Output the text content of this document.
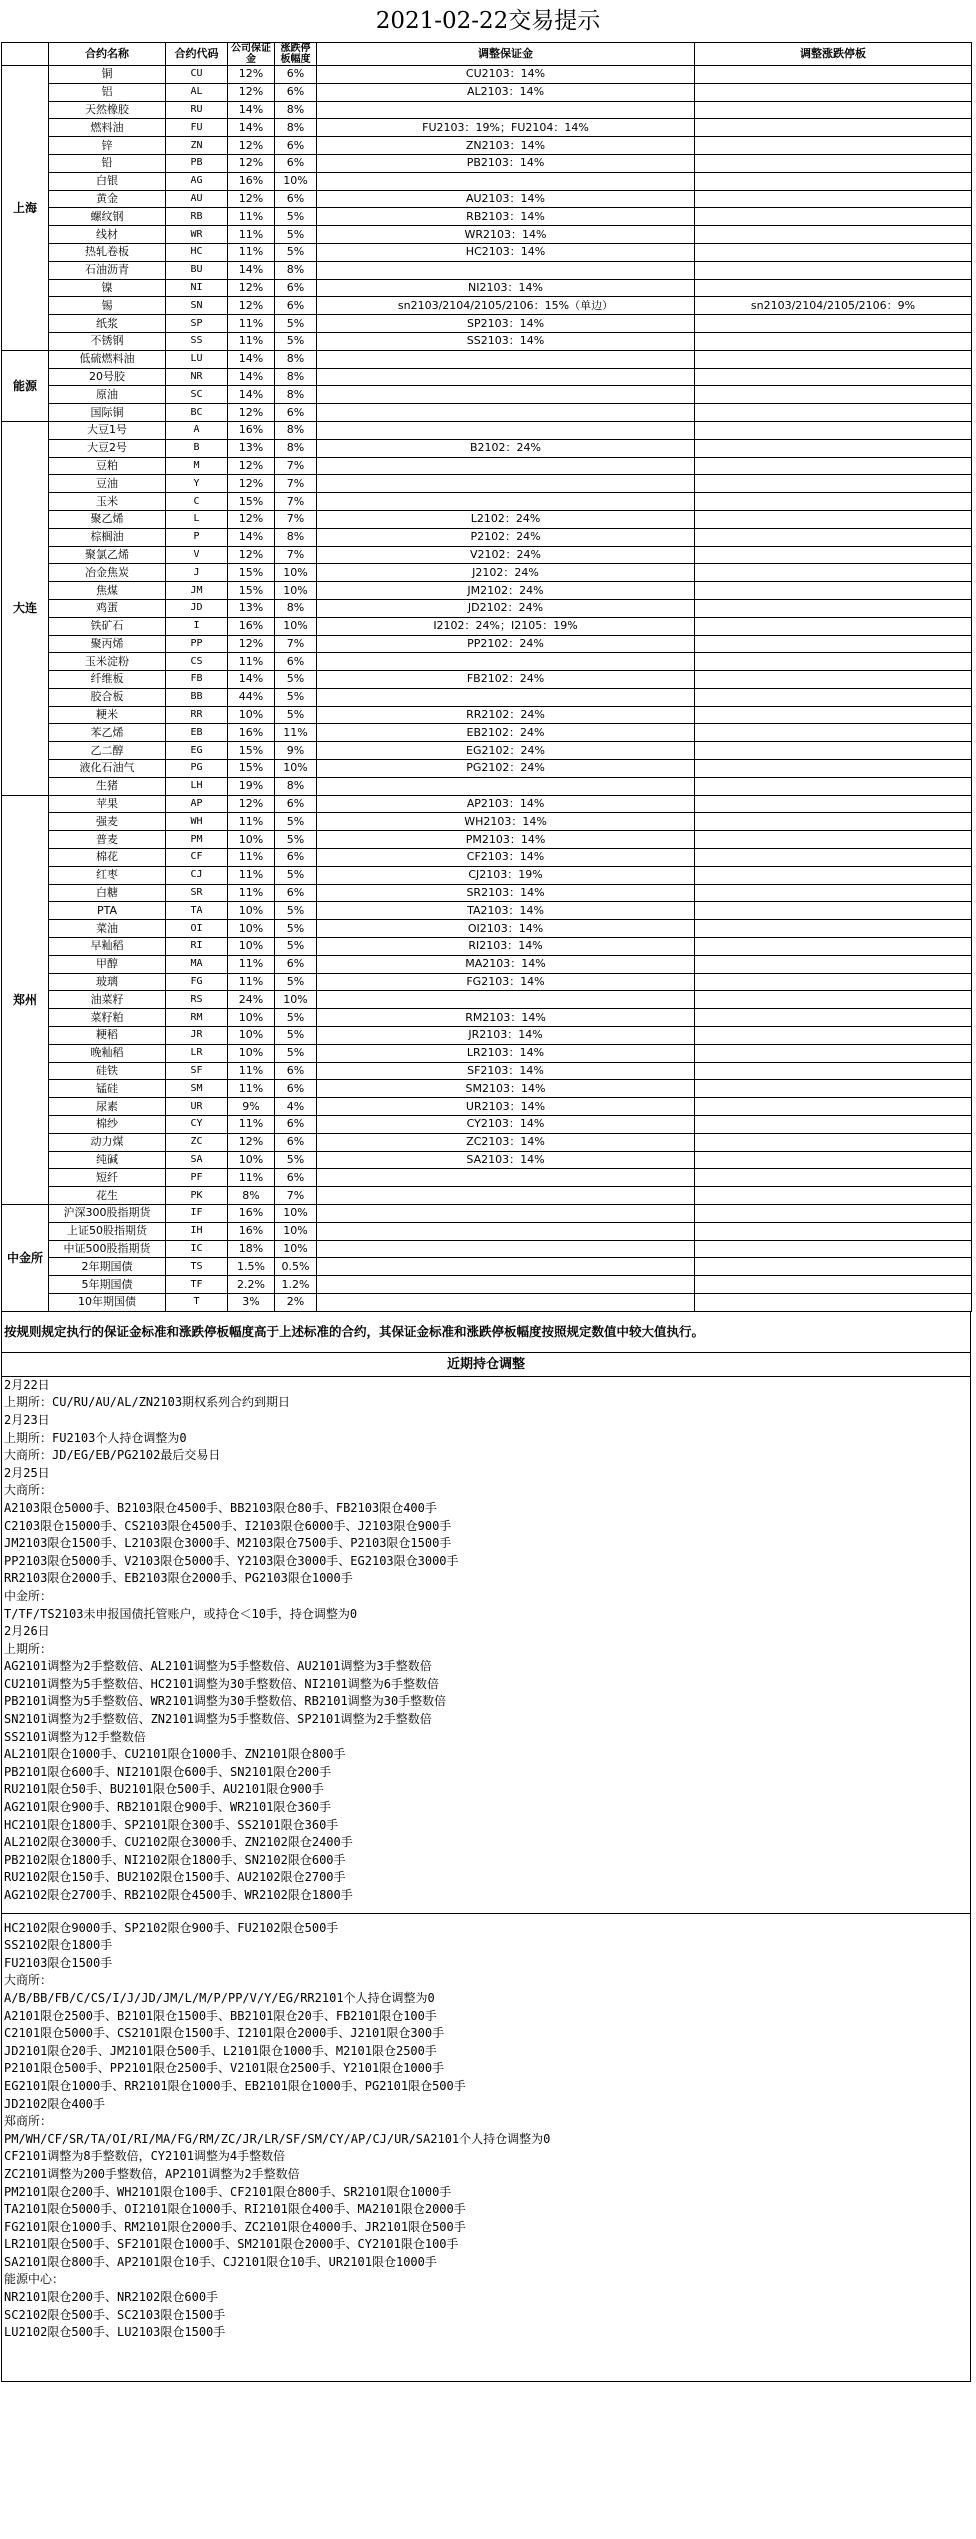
2021-02-22交易提示
	合约名称	合约代码	公司保证金	涨跌停板幅度	调整保证金	调整涨跌停板
上海	铜	CU	12%	6%	CU2103：14%	
	铝	AL	12%	6%	AL2103：14%	
	天然橡胶	RU	14%	8%		
	燃料油	FU	14%	8%	FU2103：19%；FU2104：14%	
	锌	ZN	12%	6%	ZN2103：14%	
	铅	PB	12%	6%	PB2103：14%	
	白银	AG	16%	10%		
	黄金	AU	12%	6%	AU2103：14%	
	螺纹钢	RB	11%	5%	RB2103：14%	
	线材	WR	11%	5%	WR2103：14%	
	热轧卷板	HC	11%	5%	HC2103：14%	
	石油沥青	BU	14%	8%		
	镍	NI	12%	6%	NI2103：14%	
	锡	SN	12%	6%	sn2103/2104/2105/2106：15%（单边）	sn2103/2104/2105/2106：9%
	纸浆	SP	11%	5%	SP2103：14%	
	不锈钢	SS	11%	5%	SS2103：14%	
能源	低硫燃料油	LU	14%	8%		
	20号胶	NR	14%	8%		
	原油	SC	14%	8%		
	国际铜	BC	12%	6%		
大连	大豆1号	A	16%	8%		
	大豆2号	B	13%	8%	B2102：24%	
	豆粕	M	12%	7%		
	豆油	Y	12%	7%		
	玉米	C	15%	7%		
	聚乙烯	L	12%	7%	L2102：24%	
	棕榈油	P	14%	8%	P2102：24%	
	聚氯乙烯	V	12%	7%	V2102：24%	
	冶金焦炭	J	15%	10%	J2102：24%	
	焦煤	JM	15%	10%	JM2102：24%	
	鸡蛋	JD	13%	8%	JD2102：24%	
	铁矿石	I	16%	10%	I2102：24%；I2105：19%	
	聚丙烯	PP	12%	7%	PP2102：24%	
	玉米淀粉	CS	11%	6%		
	纤维板	FB	14%	5%	FB2102：24%	
	胶合板	BB	44%	5%		
	粳米	RR	10%	5%	RR2102：24%	
	苯乙烯	EB	16%	11%	EB2102：24%	
	乙二醇	EG	15%	9%	EG2102：24%	
	液化石油气	PG	15%	10%	PG2102：24%	
	生猪	LH	19%	8%		
郑州	苹果	AP	12%	6%	AP2103：14%	
	强麦	WH	11%	5%	WH2103：14%	
	普麦	PM	10%	5%	PM2103：14%	
	棉花	CF	11%	6%	CF2103：14%	
	红枣	CJ	11%	5%	CJ2103：19%	
	白糖	SR	11%	6%	SR2103：14%	
	PTA	TA	10%	5%	TA2103：14%	
	菜油	OI	10%	5%	OI2103：14%	
	早籼稻	RI	10%	5%	RI2103：14%	
	甲醇	MA	11%	6%	MA2103：14%	
	玻璃	FG	11%	5%	FG2103：14%	
	油菜籽	RS	24%	10%		
	菜籽粕	RM	10%	5%	RM2103：14%	
	粳稻	JR	10%	5%	JR2103：14%	
	晚籼稻	LR	10%	5%	LR2103：14%	
	硅铁	SF	11%	6%	SF2103：14%	
	锰硅	SM	11%	6%	SM2103：14%	
	尿素	UR	9%	4%	UR2103：14%	
	棉纱	CY	11%	6%	CY2103：14%	
	动力煤	ZC	12%	6%	ZC2103：14%	
	纯碱	SA	10%	5%	SA2103：14%	
	短纤	PF	11%	6%		
	花生	PK	8%	7%		
中金所	沪深300股指期货	IF	16%	10%		
	上证50股指期货	IH	16%	10%		
	中证500股指期货	IC	18%	10%		
	2年期国债	TS	1.5%	0.5%		
	5年期国债	TF	2.2%	1.2%		
	10年期国债	T	3%	2%		
按规则规定执行的保证金标准和涨跌停板幅度高于上述标准的合约，其保证金标准和涨跌停板幅度按照规定数值中较大值执行。
近期持仓调整
2月22日
上期所：CU/RU/AU/AL/ZN2103期权系列合约到期日
2月23日
上期所：FU2103个人持仓调整为0
大商所：JD/EG/EB/PG2102最后交易日
2月25日
大商所：
A2103限仓5000手、B2103限仓4500手、BB2103限仓80手、FB2103限仓400手
C2103限仓15000手、CS2103限仓4500手、I2103限仓6000手、J2103限仓900手
JM2103限仓1500手、L2103限仓3000手、M2103限仓7500手、P2103限仓1500手
PP2103限仓5000手、V2103限仓5000手、Y2103限仓3000手、EG2103限仓3000手
RR2103限仓2000手、EB2103限仓2000手、PG2103限仓1000手
中金所：
T/TF/TS2103未申报国债托管账户，或持仓＜10手，持仓调整为0
2月26日
上期所：
AG2101调整为2手整数倍、AL2101调整为5手整数倍、AU2101调整为3手整数倍
CU2101调整为5手整数倍、HC2101调整为30手整数倍、NI2101调整为6手整数倍
PB2101调整为5手整数倍、WR2101调整为30手整数倍、RB2101调整为30手整数倍
SN2101调整为2手整数倍、ZN2101调整为5手整数倍、SP2101调整为2手整数倍
SS2101调整为12手整数倍
AL2101限仓1000手、CU2101限仓1000手、ZN2101限仓800手
PB2101限仓600手、NI2101限仓600手、SN2101限仓200手
RU2101限仓50手、BU2101限仓500手、AU2101限仓900手
AG2101限仓900手、RB2101限仓900手、WR2101限仓360手
HC2101限仓1800手、SP2101限仓300手、SS2101限仓360手
AL2102限仓3000手、CU2102限仓3000手、ZN2102限仓2400手
PB2102限仓1800手、NI2102限仓1800手、SN2102限仓600手
RU2102限仓150手、BU2102限仓1500手、AU2102限仓2700手
AG2102限仓2700手、RB2102限仓4500手、WR2102限仓1800手
HC2102限仓9000手、SP2102限仓900手、FU2102限仓500手
SS2102限仓1800手
FU2103限仓1500手
大商所：
A/B/BB/FB/C/CS/I/J/JD/JM/L/M/P/PP/V/Y/EG/RR2101个人持仓调整为0
A2101限仓2500手、B2101限仓1500手、BB2101限仓20手、FB2101限仓100手
C2101限仓5000手、CS2101限仓1500手、I2101限仓2000手、J2101限仓300手
JD2101限仓20手、JM2101限仓500手、L2101限仓1000手、M2101限仓2500手
P2101限仓500手、PP2101限仓2500手、V2101限仓2500手、Y2101限仓1000手
EG2101限仓1000手、RR2101限仓1000手、EB2101限仓1000手、PG2101限仓500手
JD2102限仓400手
郑商所：
PM/WH/CF/SR/TA/OI/RI/MA/FG/RM/ZC/JR/LR/SF/SM/CY/AP/CJ/UR/SA2101个人持仓调整为0
CF2101调整为8手整数倍，CY2101调整为4手整数倍
ZC2101调整为200手整数倍，AP2101调整为2手整数倍
PM2101限仓200手、WH2101限仓100手、CF2101限仓800手、SR2101限仓1000手
TA2101限仓5000手、OI2101限仓1000手、RI2101限仓400手、MA2101限仓2000手
FG2101限仓1000手、RM2101限仓2000手、ZC2101限仓4000手、JR2101限仓500手
LR2101限仓500手、SF2101限仓1000手、SM2101限仓2000手、CY2101限仓100手
SA2101限仓800手、AP2101限仓10手、CJ2101限仓10手、UR2101限仓1000手
能源中心：
NR2101限仓200手、NR2102限仓600手
SC2102限仓500手、SC2103限仓1500手
LU2102限仓500手、LU2103限仓1500手
